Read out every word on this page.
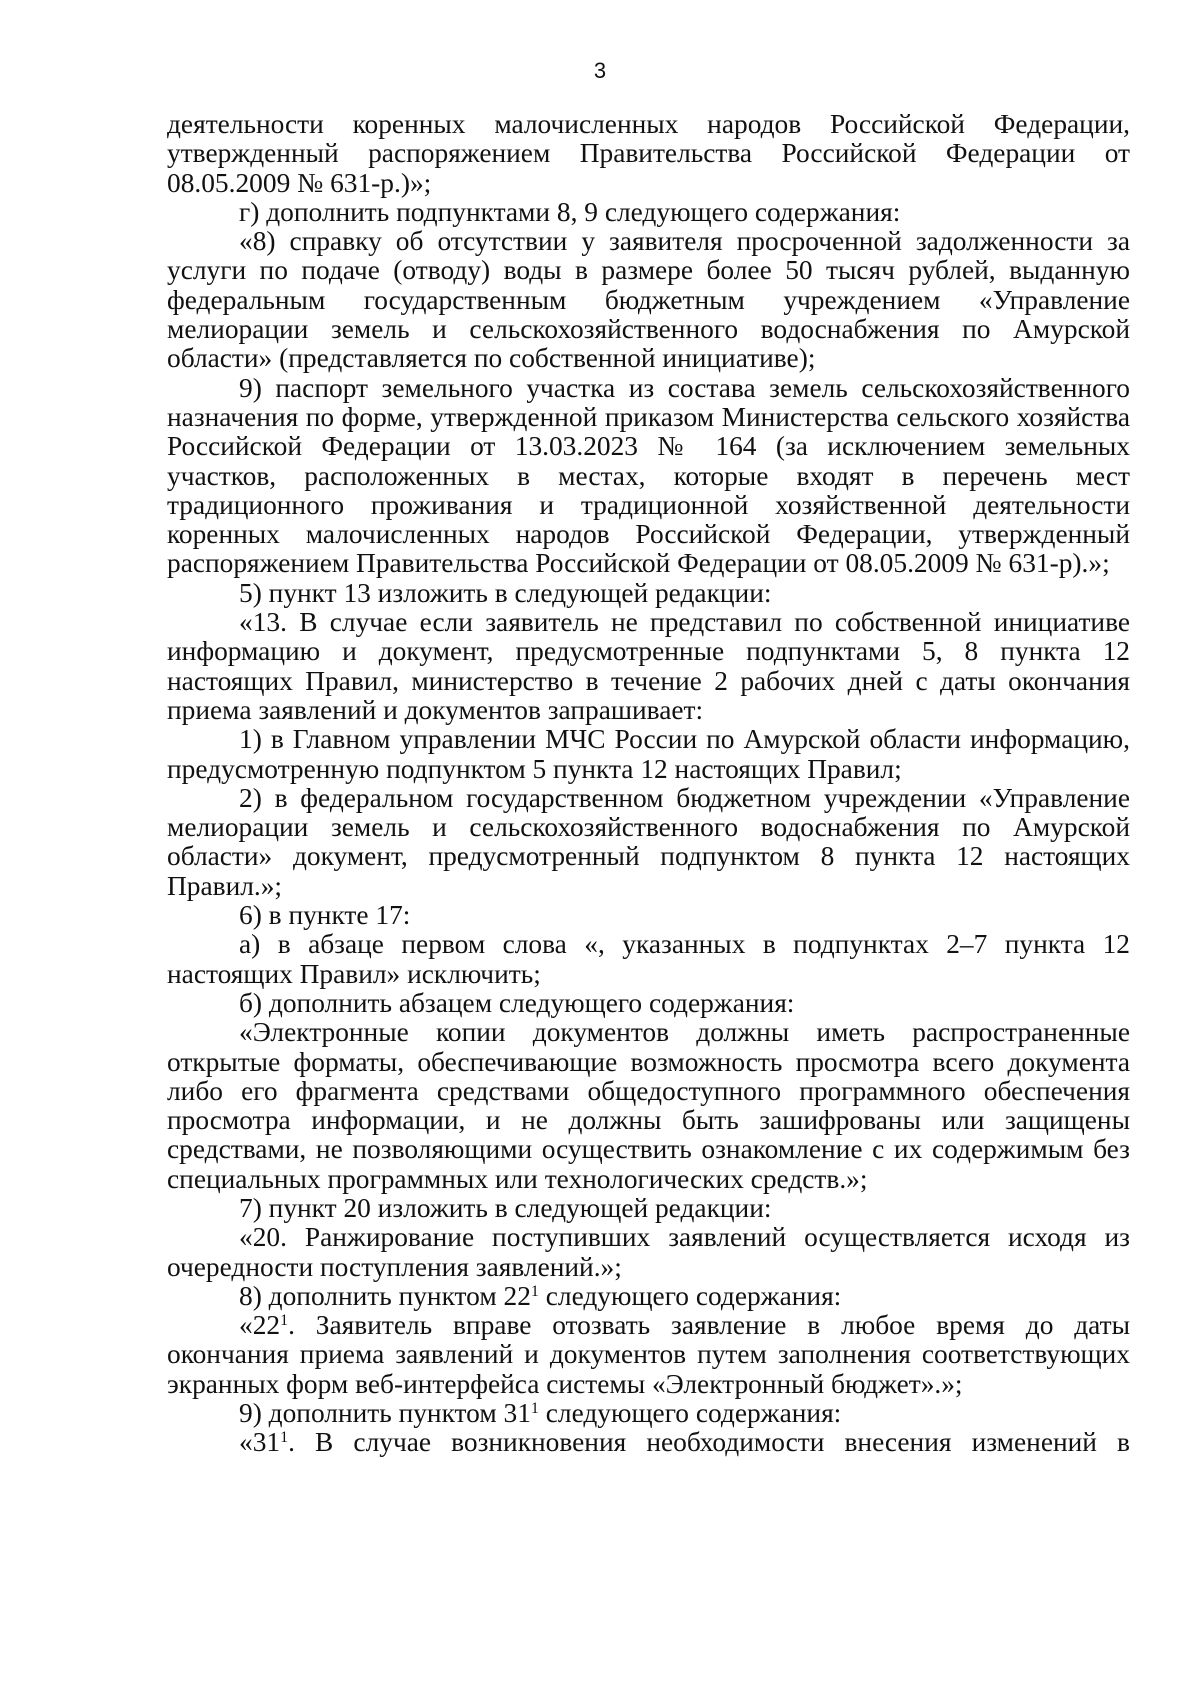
3

деятельности коренных малочисленных народов Российской Федерации, утвержденный распоряжением Правительства Российской Федерации от 08.05.2009 № 631-р.)»;

г) дополнить подпунктами 8, 9 следующего содержания:

«8) справку об отсутствии у заявителя просроченной задолженности за услуги по подаче (отводу) воды в размере более 50 тысяч рублей, выданную федеральным государственным бюджетным учреждением «Управление мелиорации земель и сельскохозяйственного водоснабжения по Амурской области» (представляется по собственной инициативе);

9) паспорт земельного участка из состава земель сельскохозяйственного назначения по форме, утвержденной приказом Министерства сельского хозяйства Российской Федерации от 13.03.2023 № 164 (за исключением земельных участков, расположенных в местах, которые входят в перечень мест традиционного проживания и традиционной хозяйственной деятельности коренных малочисленных народов Российской Федерации, утвержденный распоряжением Правительства Российской Федерации от 08.05.2009 № 631-р).»;

5) пункт 13 изложить в следующей редакции:

«13. В случае если заявитель не представил по собственной инициативе информацию и документ, предусмотренные подпунктами 5, 8 пункта 12 настоящих Правил, министерство в течение 2 рабочих дней с даты окончания приема заявлений и документов запрашивает:

1) в Главном управлении МЧС России по Амурской области информацию, предусмотренную подпунктом 5 пункта 12 настоящих Правил;

2) в федеральном государственном бюджетном учреждении «Управление мелиорации земель и сельскохозяйственного водоснабжения по Амурской области» документ, предусмотренный подпунктом 8 пункта 12 настоящих Правил.»;

6) в пункте 17:

а) в абзаце первом слова «, указанных в подпунктах 2–7 пункта 12 настоящих Правил» исключить;

б) дополнить абзацем следующего содержания:

«Электронные копии документов должны иметь распространенные открытые форматы, обеспечивающие возможность просмотра всего документа либо его фрагмента средствами общедоступного программного обеспечения просмотра информации, и не должны быть зашифрованы или защищены средствами, не позволяющими осуществить ознакомление с их содержимым без специальных программных или технологических средств.»;

7) пункт 20 изложить в следующей редакции:

«20. Ранжирование поступивших заявлений осуществляется исходя из очередности поступления заявлений.»;

8) дополнить пунктом $22^1$ следующего содержания:

«$22^1$. Заявитель вправе отозвать заявление в любое время до даты окончания приема заявлений и документов путем заполнения соответствующих экранных форм веб-интерфейса системы «Электронный бюджет».»;

9) дополнить пунктом $31^1$ следующего содержания:

«$31^1$. В случае возникновения необходимости внесения изменений в
